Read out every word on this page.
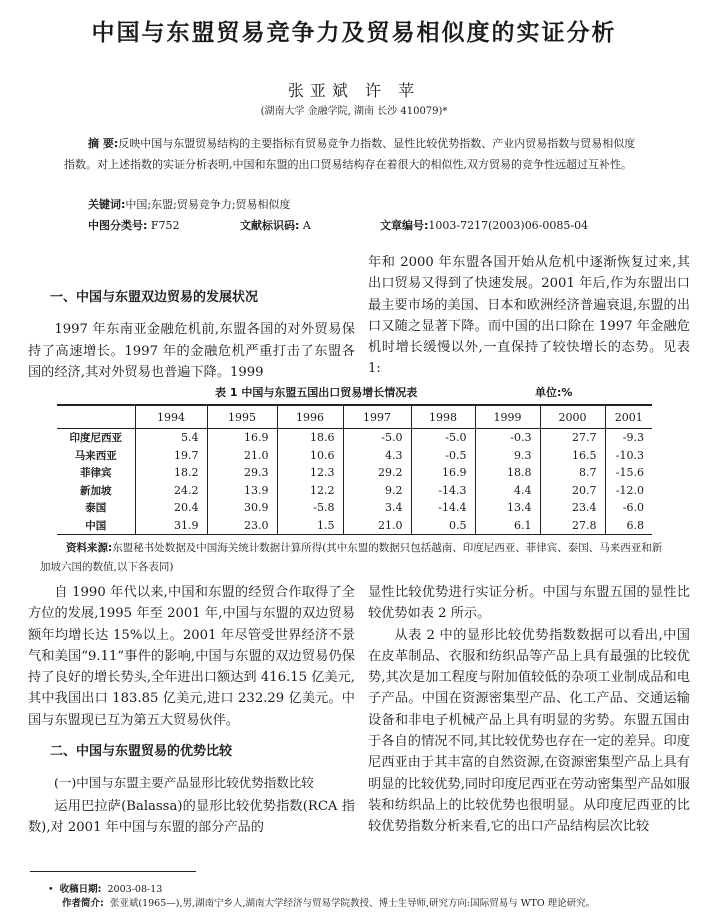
中国与东盟贸易竞争力及贸易相似度的实证分析
张亚斌 许 苹
(湖南大学 金融学院, 湖南 长沙 410079)*
摘 要:反映中国与东盟贸易结构的主要指标有贸易竞争力指数、显性比较优势指数、产业内贸易指数与贸易相似度指数。对上述指数的实证分析表明,中国和东盟的出口贸易结构存在着很大的相似性,双方贸易的竞争性远超过互补性。
关键词:中国;东盟;贸易竞争力;贸易相似度
中图分类号: F752	文献标识码: A	文章编号:1003-7217(2003)06-0085-04

一、中国与东盟双边贸易的发展状况

1997 年东南亚金融危机前,东盟各国的对外贸易保持了高速增长。1997 年的金融危机严重打击了东盟各国的经济,其对外贸易也普遍下降。1999

年和 2000 年东盟各国开始从危机中逐渐恢复过来,其出口贸易又得到了快速发展。2001 年后,作为东盟出口最主要市场的美国、日本和欧洲经济普遍衰退,东盟的出口又随之显著下降。而中国的出口除在 1997 年金融危机时增长缓慢以外,一直保持了较快增长的态势。见表 1:

表 1 中国与东盟五国出口贸易增长情况表	单位:%
	1994	1995	1996	1997	1998	1999	2000	2001
印度尼西亚	5.4	16.9	18.6	-5.0	-5.0	-0.3	27.7	-9.3
马来西亚	19.7	21.0	10.6	4.3	-0.5	9.3	16.5	-10.3
菲律宾	18.2	29.3	12.3	29.2	16.9	18.8	8.7	-15.6
新加坡	24.2	13.9	12.2	9.2	-14.3	4.4	20.7	-12.0
泰国	20.4	30.9	-5.8	3.4	-14.4	13.4	23.4	-6.0
中国	31.9	23.0	1.5	21.0	0.5	6.1	27.8	6.8
资料来源:东盟秘书处数据及中国海关统计数据计算所得(其中东盟的数据只包括越南、印度尼西亚、菲律宾、泰国、马来西亚和新加坡六国的数值,以下各表同)

自 1990 年代以来,中国和东盟的经贸合作取得了全方位的发展,1995 年至 2001 年,中国与东盟的双边贸易额年均增长达 15%以上。2001 年尽管受世界经济不景气和美国“9.11”事件的影响,中国与东盟的双边贸易仍保持了良好的增长势头,全年进出口额达到 416.15 亿美元,其中我国出口 183.85 亿美元,进口 232.29 亿美元。中国与东盟现已互为第五大贸易伙伴。

二、中国与东盟贸易的优势比较

(一)中国与东盟主要产品显形比较优势指数比较

运用巴拉萨(Balassa)的显形比较优势指数(RCA 指数),对 2001 年中国与东盟的部分产品的

显性比较优势进行实证分析。中国与东盟五国的显性比较优势如表 2 所示。

从表 2 中的显形比较优势指数数据可以看出,中国在皮革制品、衣服和纺织品等产品上具有最强的比较优势,其次是加工程度与附加值较低的杂项工业制成品和电子产品。中国在资源密集型产品、化工产品、交通运输设备和非电子机械产品上具有明显的劣势。东盟五国由于各自的情况不同,其比较优势也存在一定的差异。印度尼西亚由于其丰富的自然资源,在资源密集型产品上具有明显的比较优势,同时印度尼西亚在劳动密集型产品如服装和纺织品上的比较优势也很明显。从印度尼西亚的比较优势指数分析来看,它的出口产品结构层次比较

• 收稿日期: 2003-08-13
作者简介: 张亚斌(1965—),男,湖南宁乡人,湖南大学经济与贸易学院教授、博士生导师,研究方向:国际贸易与 WTO 理论研究。
